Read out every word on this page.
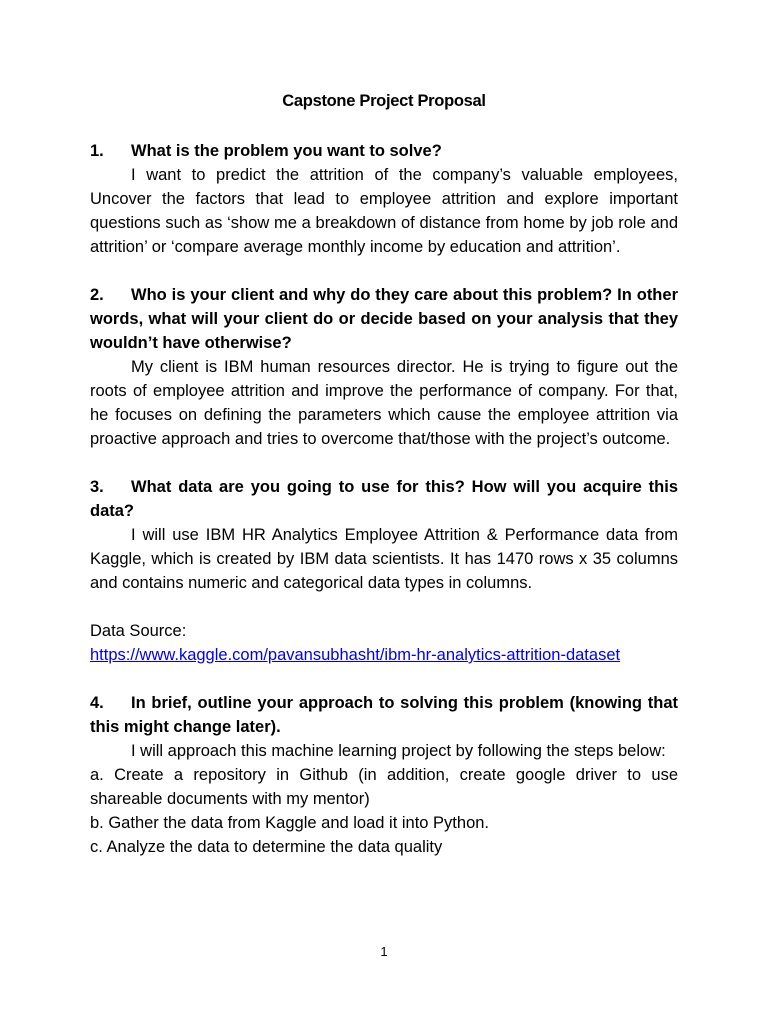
Capstone Project Proposal

1. What is the problem you want to solve?

I want to predict the attrition of the company’s valuable employees, Uncover the factors that lead to employee attrition and explore important questions such as ‘show me a breakdown of distance from home by job role and attrition’ or ‘compare average monthly income by education and attrition’.

2. Who is your client and why do they care about this problem? In other words, what will your client do or decide based on your analysis that they wouldn’t have otherwise?

My client is IBM human resources director. He is trying to figure out the roots of employee attrition and improve the performance of company. For that, he focuses on defining the parameters which cause the employee attrition via proactive approach and tries to overcome that/those with the project’s outcome.

3. What data are you going to use for this? How will you acquire this data?

I will use IBM HR Analytics Employee Attrition & Performance data from Kaggle, which is created by IBM data scientists. It has 1470 rows x 35 columns and contains numeric and categorical data types in columns.

Data Source:

https://www.kaggle.com/pavansubhasht/ibm-hr-analytics-attrition-dataset

4. In brief, outline your approach to solving this problem (knowing that this might change later).

I will approach this machine learning project by following the steps below:

a. Create a repository in Github (in addition, create google driver to use shareable documents with my mentor)

b. Gather the data from Kaggle and load it into Python.

c. Analyze the data to determine the data quality

1
